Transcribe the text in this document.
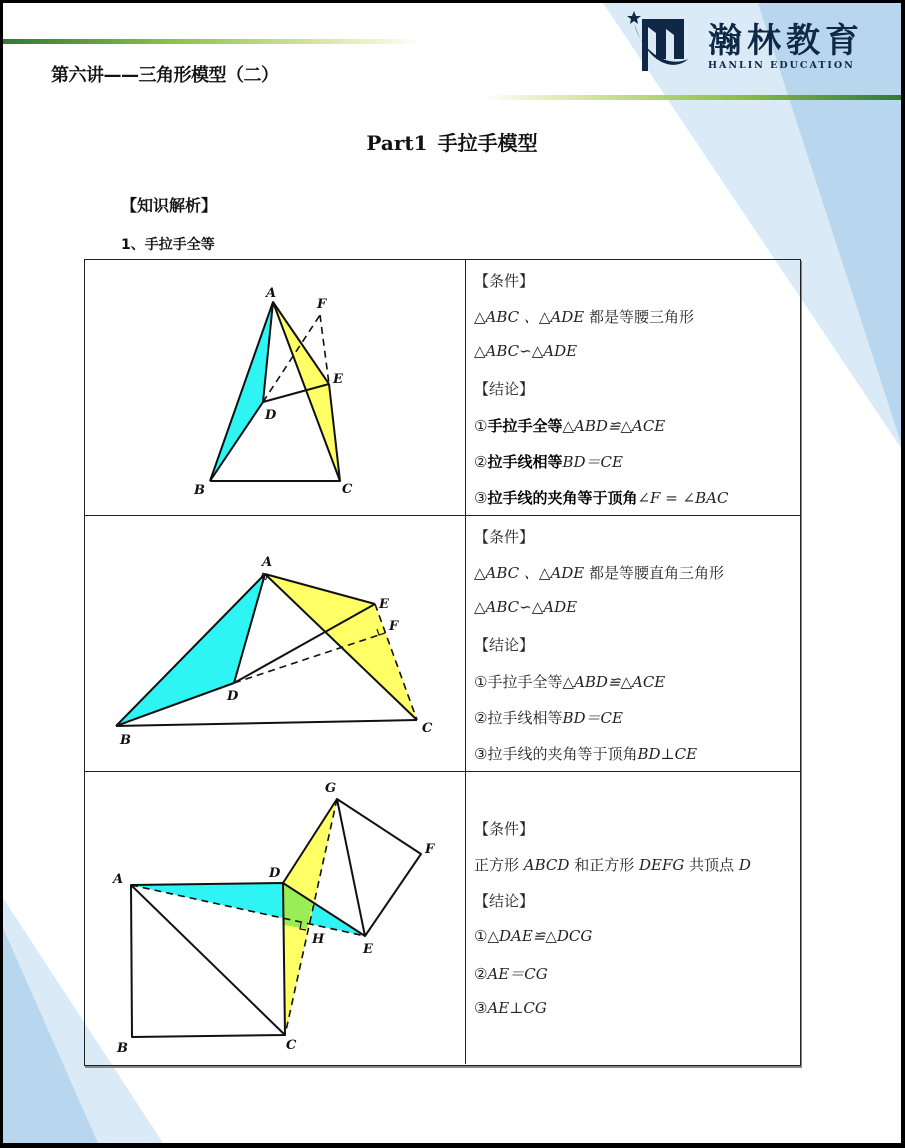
第六讲——三角形模型（二）
瀚林教育
HANLIN EDUCATION
Part1 手拉手模型
【知识解析】
1、手拉手全等
A
F
E
D
B	C
【条件】
△ABC 、△ADE 都是等腰三角形
△ABC∽△ADE
【结论】
①手拉手全等△ABD≌△ACE
②拉手线相等BD＝CE
③拉手线的夹角等于顶角∠F = ∠BAC
A
E
F
D
B
C
【条件】
△ABC 、△ADE 都是等腰直角三角形
△ABC∽△ADE
【结论】
①手拉手全等△ABD≌△ACE
②拉手线相等BD＝CE
③拉手线的夹角等于顶角BD⊥CE
A	D
G
F
E
H
B	C
【条件】
正方形 ABCD 和正方形 DEFG 共顶点 D
【结论】
①△DAE≌△DCG
②AE＝CG
③AE⊥CG
